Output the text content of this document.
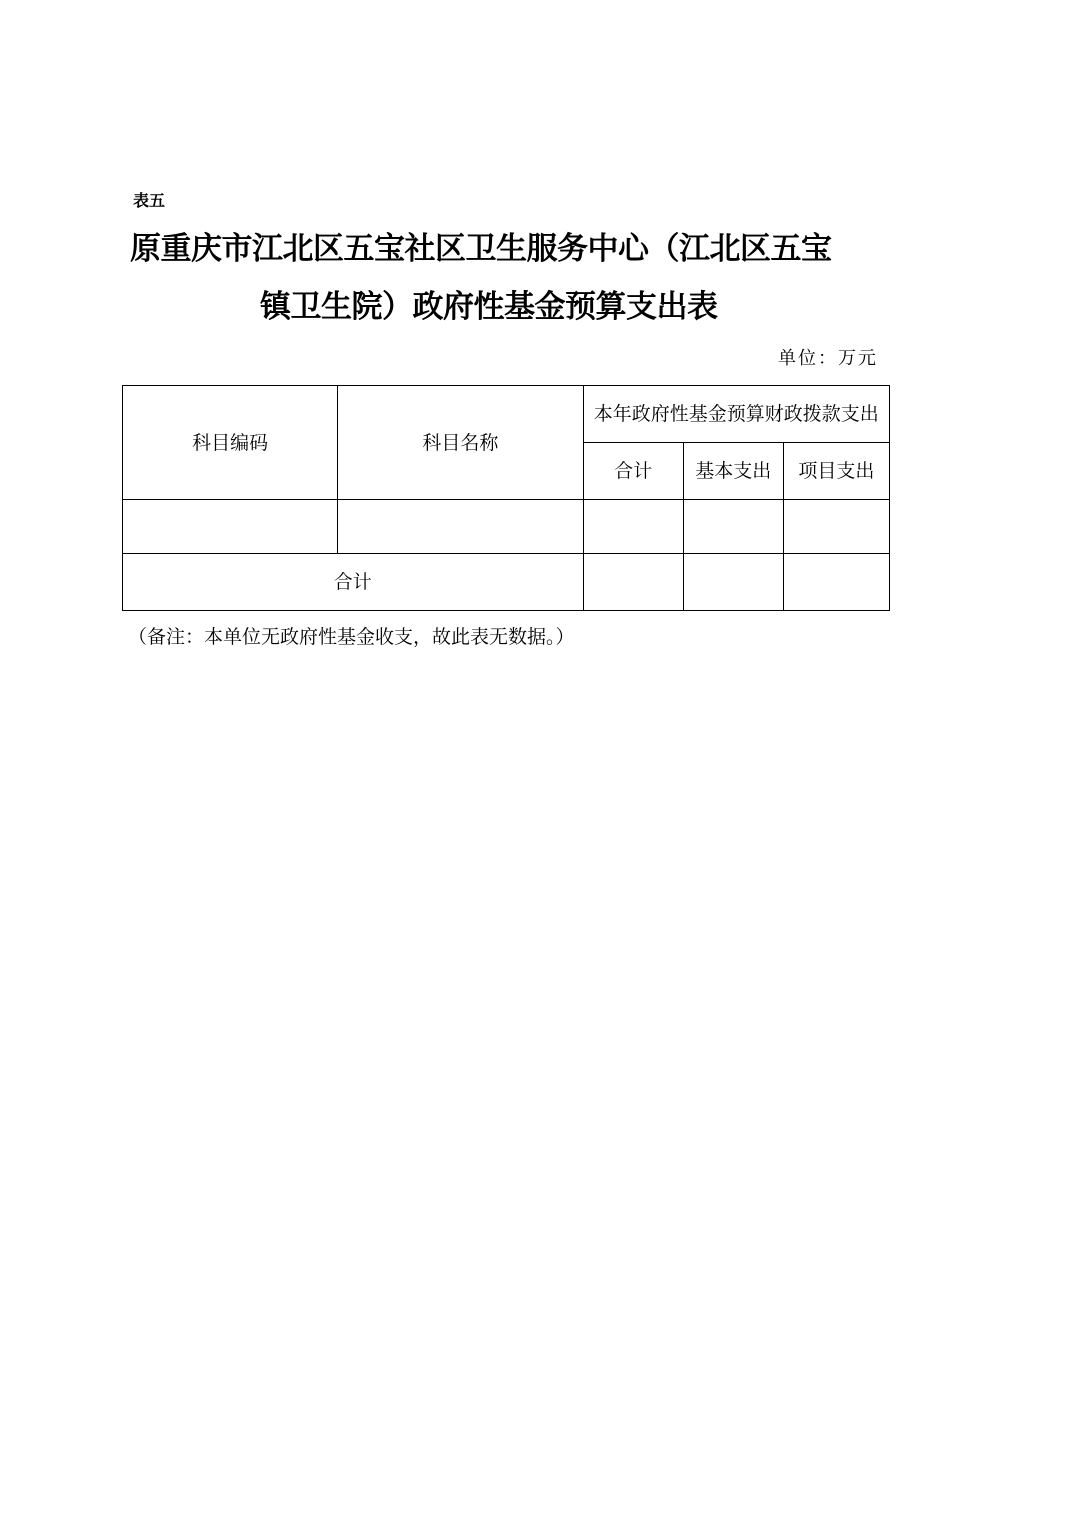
表五
原重庆市江北区五宝社区卫生服务中心（江北区五宝
镇卫生院）政府性基金预算支出表
单位：万元
科目编码	科目名称	本年政府性基金预算财政拨款支出		
		合计	基本支出	项目支出

合计				
（备注：本单位无政府性基金收支，故此表无数据。）
